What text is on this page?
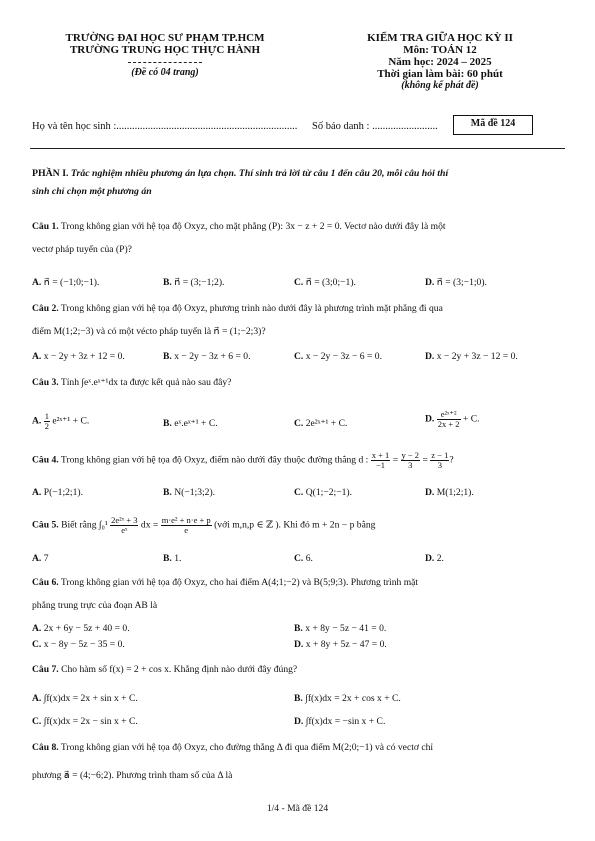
TRƯỜNG ĐẠI HỌC SƯ PHẠM TP.HCM
TRƯỜNG TRUNG HỌC THỰC HÀNH
(Đề có 04 trang)
KIỂM TRA GIỮA HỌC KỲ II
Môn: TOÁN 12
Năm học: 2024 – 2025
Thời gian làm bài: 60 phút
(không kể phát đề)
Họ và tên học sinh :..................................................................... Số báo danh : .........................	Mã đề 124
PHẦN I. Trắc nghiệm nhiều phương án lựa chọn. Thí sinh trả lời từ câu 1 đến câu 20, mỗi câu hỏi thí
sinh chỉ chọn một phương án
Câu 1. Trong không gian với hệ tọa độ Oxyz, cho mặt phẳng (P): 3x − z + 2 = 0. Vectơ nào dưới đây là một
vectơ pháp tuyến của (P)?
A. n⃗ = (−1;0;−1).	B. n⃗ = (3;−1;2).	C. n⃗ = (3;0;−1).	D. n⃗ = (3;−1;0).
Câu 2. Trong không gian với hệ tọa độ Oxyz, phương trình nào dưới đây là phương trình mặt phẳng đi qua
điểm M(1;2;−3) và có một vécto pháp tuyến là n⃗ = (1;−2;3)?
A. x − 2y + 3z + 12 = 0.	B. x − 2y − 3z + 6 = 0.	C. x − 2y − 3z − 6 = 0.	D. x − 2y + 3z − 12 = 0.
Câu 3. Tính ∫eˣ.eˣ⁺¹dx ta được kết quả nào sau đây?
A. $\frac{1}{2}$ e²ˣ⁺¹ + C.	B. eˣ.eˣ⁺¹ + C.	C. 2e²ˣ⁺¹ + C.	D. $\frac{\text{e²ˣ⁺²}}{2x + 2} + C$.
Câu 4. Trong không gian với hệ tọa độ Oxyz, điểm nào dưới đây thuộc đường thẳng d : $\frac{x + 1}{-1} = \frac{y - 2}{3} = \frac{z - 1}{3}$ ?
A. P(−1;2;1).	B. N(−1;3;2).	C. Q(1;−2;−1).	D. M(1;2;1).
Câu 5. Biết rằng $\int_0^1 \frac{\text{2e²ˣ + 3}}{\text{eˣ}}$ dx = $\frac{\text{m·e² + n·e + p}}{e}$ (với m,n,p ∈ ℤ ). Khi đó m + 2n − p bằng
A. 7	B. 1.	C. 6.	D. 2.
Câu 6. Trong không gian với hệ tọa độ Oxyz, cho hai điểm A(4;1;−2) và B(5;9;3). Phương trình mặt
phẳng trung trực của đoạn AB là
A. 2x + 6y − 5z + 40 = 0.	B. x + 8y − 5z − 41 = 0.
C. x − 8y − 5z − 35 = 0.	D. x + 8y + 5z − 47 = 0.
Câu 7. Cho hàm số f(x) = 2 + cos x. Khẳng định nào dưới đây đúng?
A. ∫f(x)dx = 2x + sin x + C.	B. ∫f(x)dx = 2x + cos x + C.
C. ∫f(x)dx = 2x − sin x + C.	D. ∫f(x)dx = −sin x + C.
Câu 8. Trong không gian với hệ tọa độ Oxyz, cho đường thẳng Δ đi qua điểm M(2;0;−1) và có vectơ chỉ
phương a⃗ = (4;−6;2). Phương trình tham số của Δ là
1/4 - Mã đề 124
